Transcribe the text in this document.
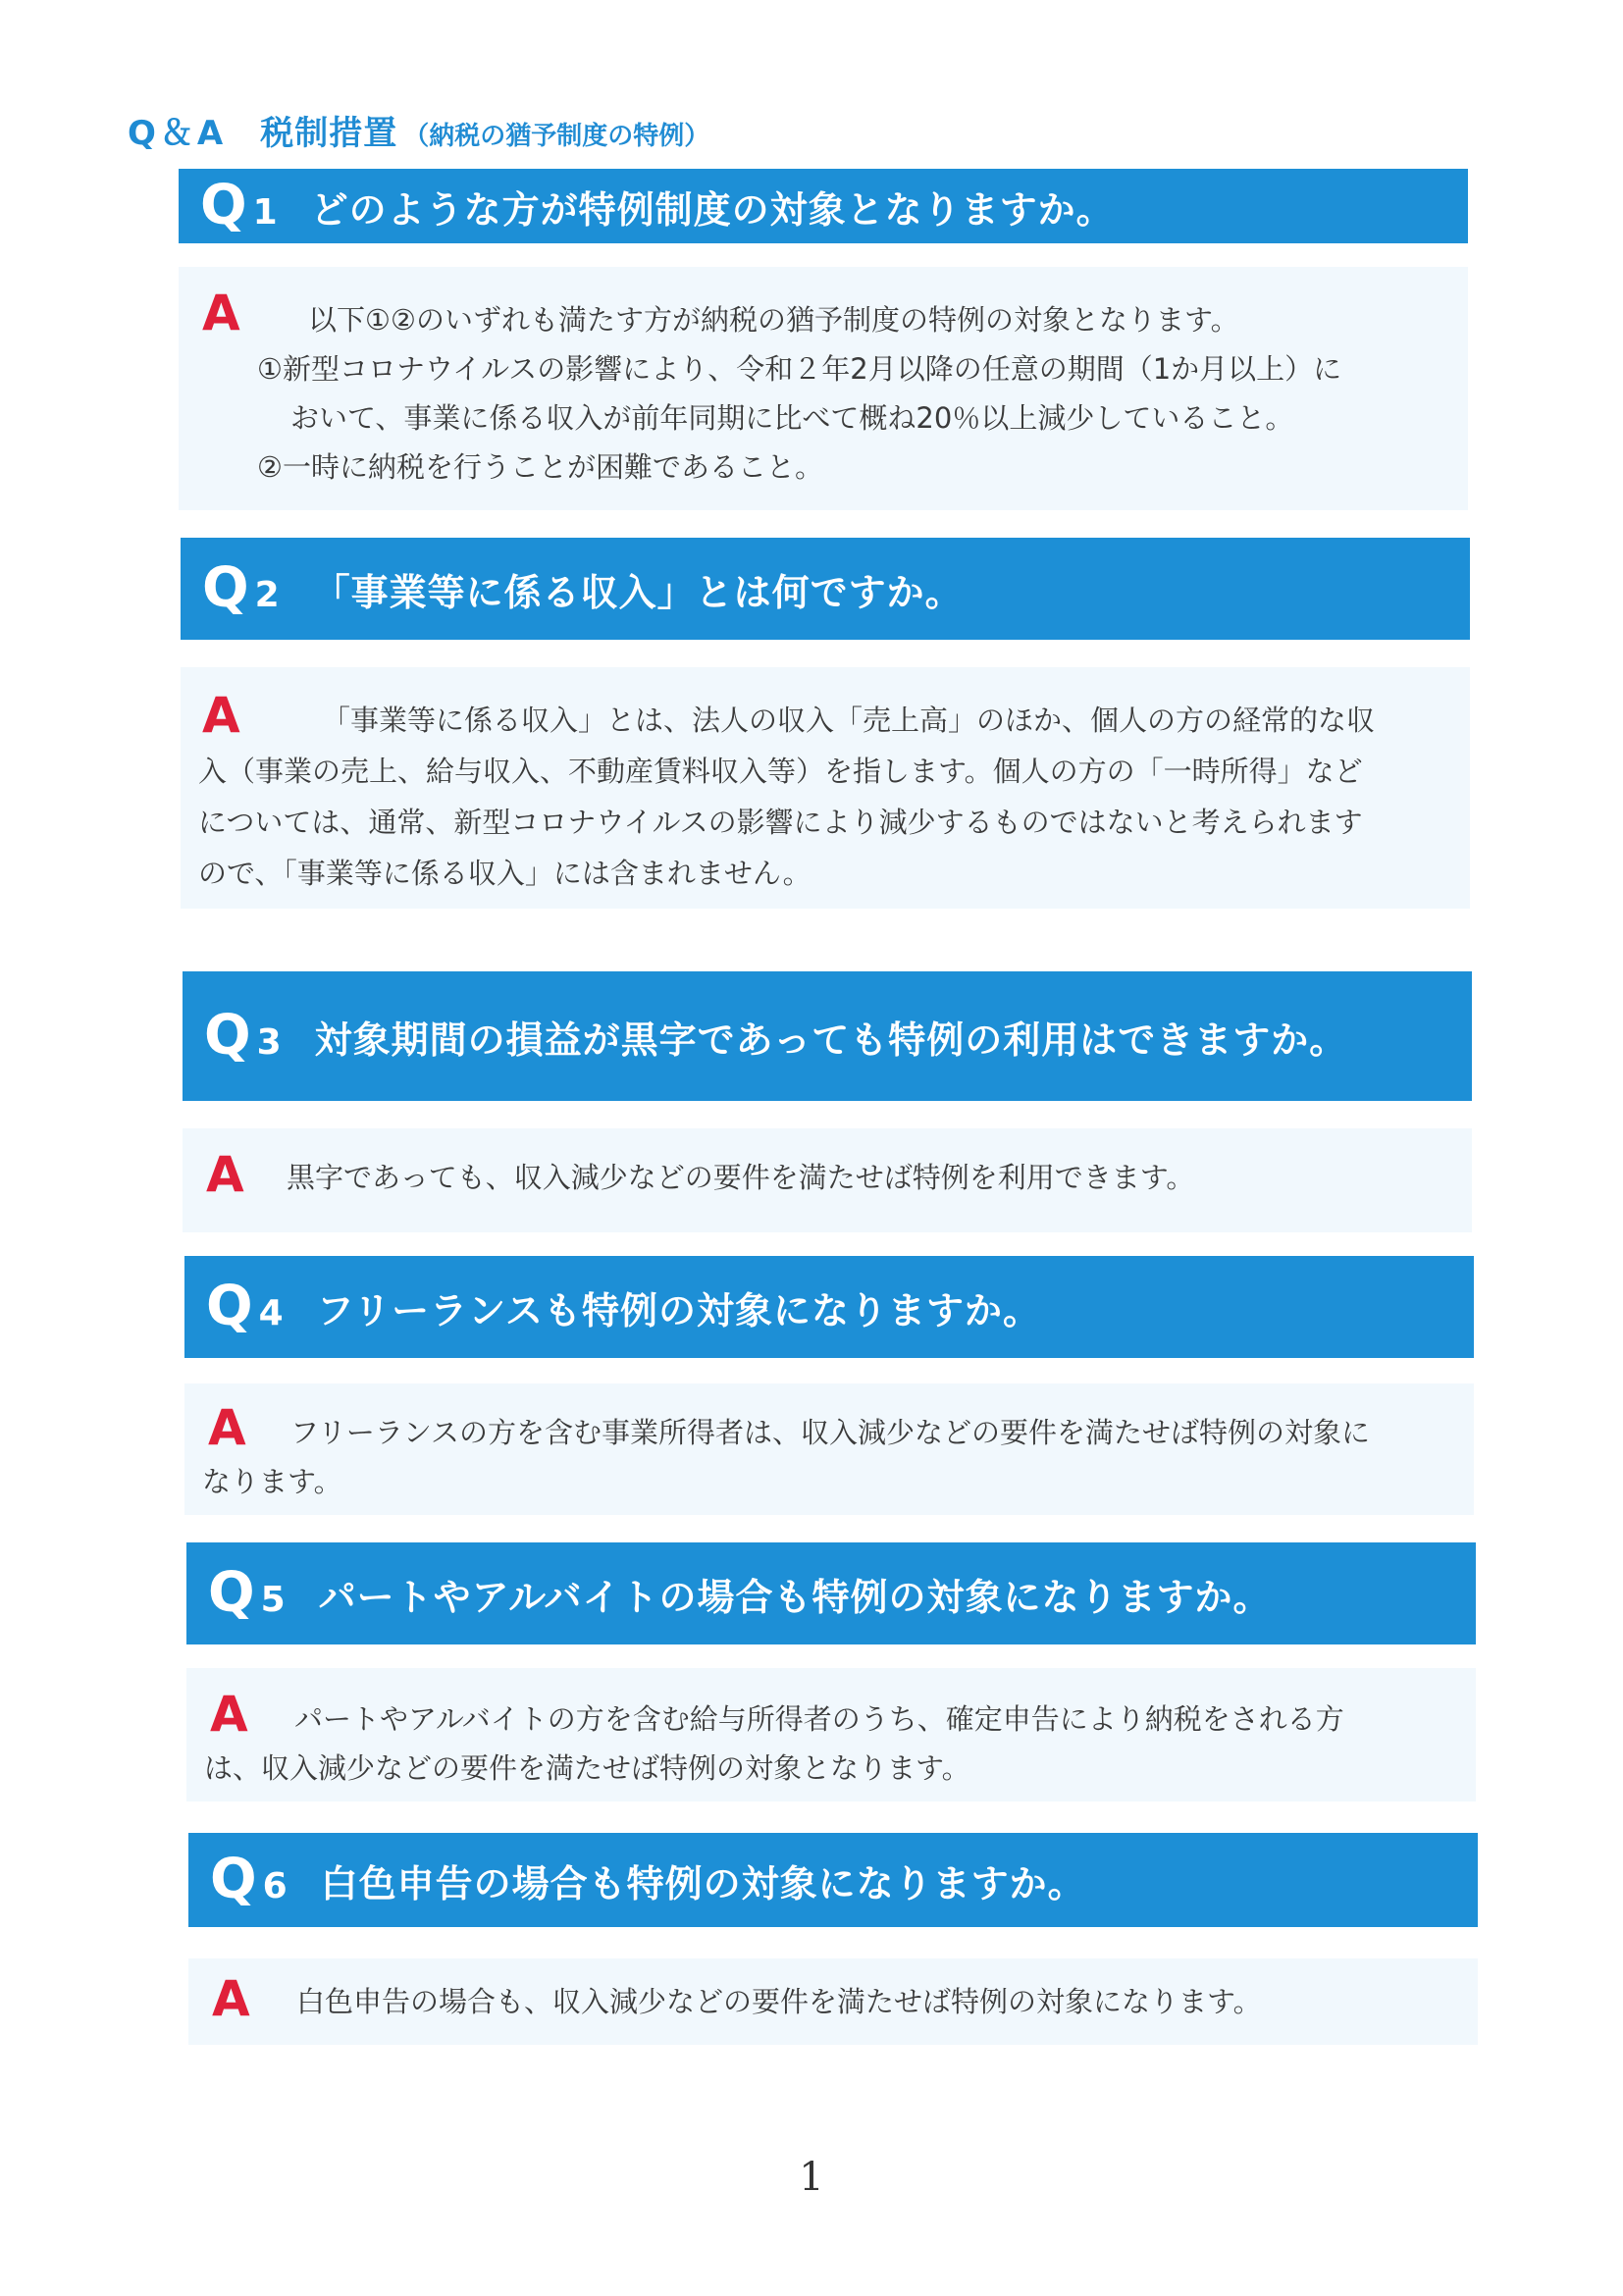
Q＆A 税制措置 （納税の猶予制度の特例）
Q 1 どのような方が特例制度の対象となりますか。
A 以下①②のいずれも満たす方が納税の猶予制度の特例の対象となります。
①新型コロナウイルスの影響により、令和２年2月以降の任意の期間（1か月以上）に
おいて、事業に係る収入が前年同期に比べて概ね20％以上減少していること。
②一時に納税を行うことが困難であること。
Q 2 「事業等に係る収入」とは何ですか。
A	「事業等に係る収入」とは、法人の収入「売上高」のほか、個人の方の経常的な収
入（事業の売上、給与収入、不動産賃料収入等）を指します。個人の方の「一時所得」など
については、通常、新型コロナウイルスの影響により減少するものではないと考えられます
ので、「事業等に係る収入」には含まれません。
Q 3 対象期間の損益が黒字であっても特例の利用はできますか。
A 黒字であっても、収入減少などの要件を満たせば特例を利用できます。
Q 4 フリーランスも特例の対象になりますか。
A フリーランスの方を含む事業所得者は、収入減少などの要件を満たせば特例の対象に
なります。
Q 5 パートやアルバイトの場合も特例の対象になりますか。
A パートやアルバイトの方を含む給与所得者のうち、確定申告により納税をされる方
は、収入減少などの要件を満たせば特例の対象となります。
Q 6 白色申告の場合も特例の対象になりますか。
A 白色申告の場合も、収入減少などの要件を満たせば特例の対象になります。
1
